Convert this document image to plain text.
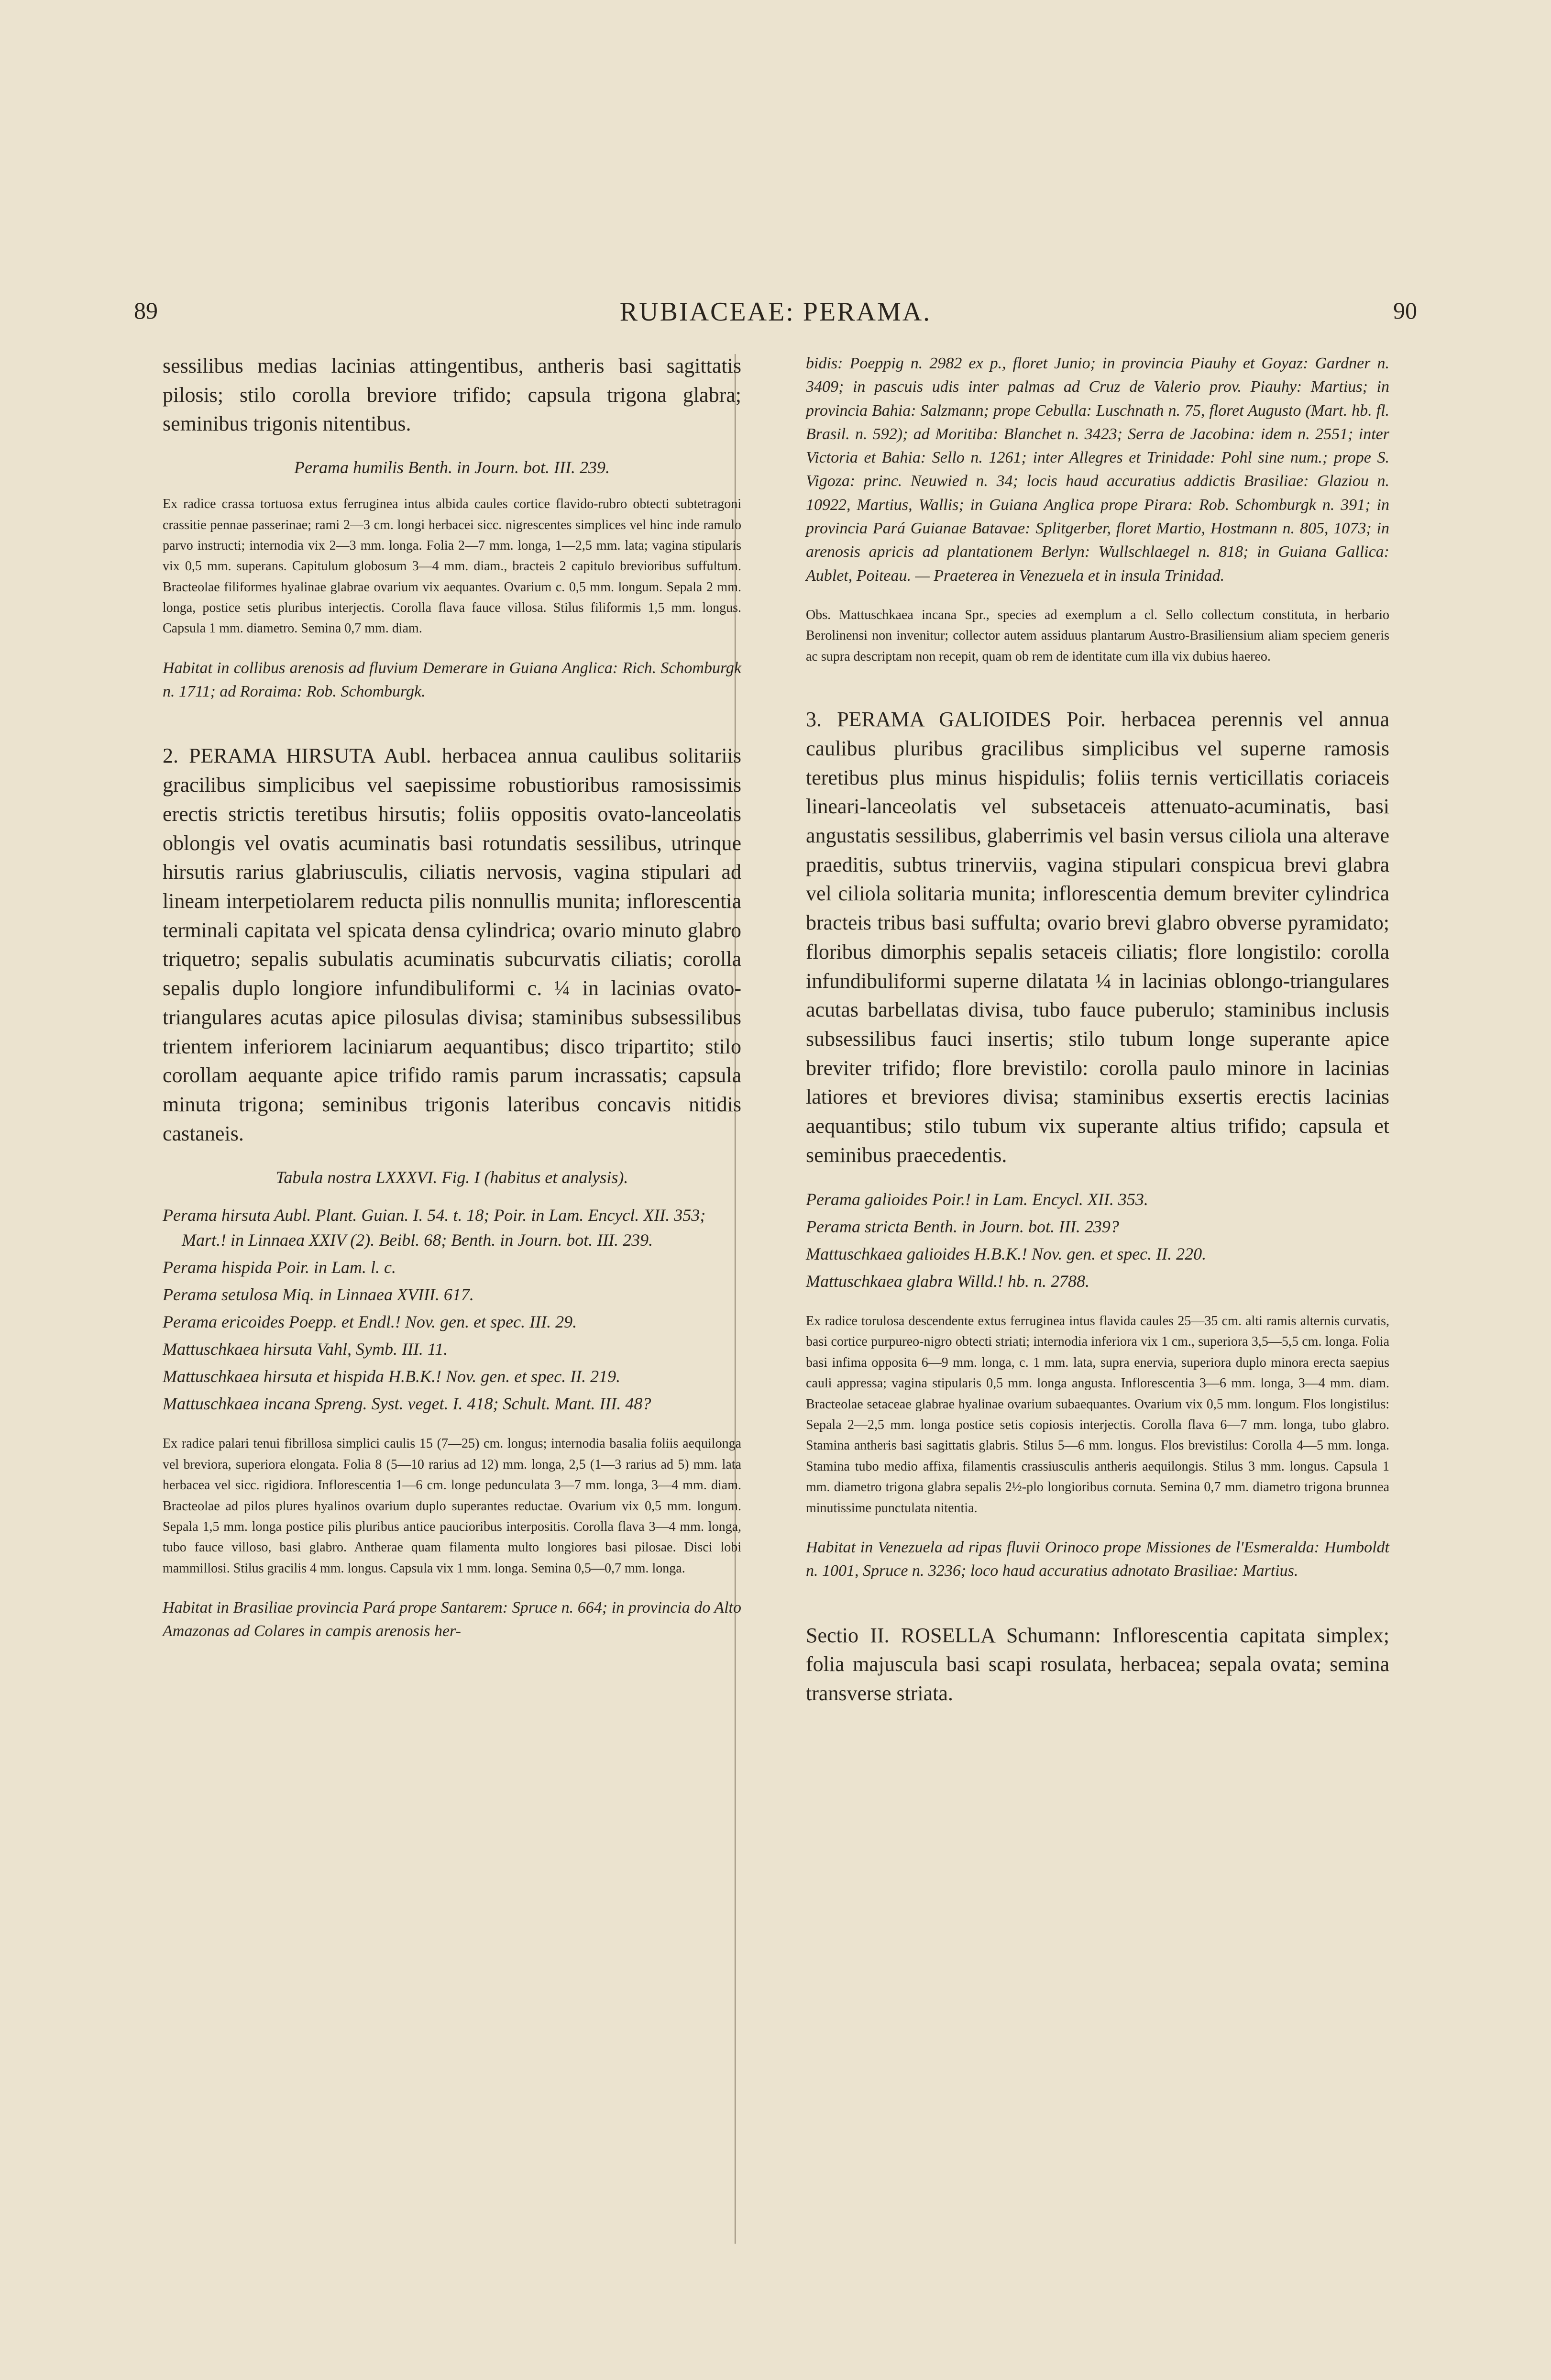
89	RUBIACEAE: PERAMA.	90

sessilibus medias lacinias attingentibus, antheris basi sagittatis pilosis; stilo corolla breviore trifido; capsula trigona glabra; seminibus trigonis nitentibus.

Perama humilis Benth. in Journ. bot. III. 239.

Ex radice crassa tortuosa extus ferruginea intus albida caules cortice flavido-rubro obtecti subtetragoni crassitie pennae passerinae; rami 2—3 cm. longi herbacei sicc. nigrescentes simplices vel hinc inde ramulo parvo instructi; internodia vix 2—3 mm. longa. Folia 2—7 mm. longa, 1—2,5 mm. lata; vagina stipularis vix 0,5 mm. superans. Capitulum globosum 3—4 mm. diam., bracteis 2 capitulo brevioribus suffultum. Bracteolae filiformes hyalinae glabrae ovarium vix aequantes. Ovarium c. 0,5 mm. longum. Sepala 2 mm. longa, postice setis pluribus interjectis. Corolla flava fauce villosa. Stilus filiformis 1,5 mm. longus. Capsula 1 mm. diametro. Semina 0,7 mm. diam.

Habitat in collibus arenosis ad fluvium Demerare in Guiana Anglica: Rich. Schomburgk n. 1711; ad Roraima: Rob. Schomburgk.

2. PERAMA HIRSUTA Aubl. herbacea annua caulibus solitariis gracilibus simplicibus vel saepissime robustioribus ramosissimis erectis strictis teretibus hirsutis; foliis oppositis ovato-lanceolatis oblongis vel ovatis acuminatis basi rotundatis sessilibus, utrinque hirsutis rarius glabriusculis, ciliatis nervosis, vagina stipulari ad lineam interpetiolarem reducta pilis nonnullis munita; inflorescentia terminali capitata vel spicata densa cylindrica; ovario minuto glabro triquetro; sepalis subulatis acuminatis subcurvatis ciliatis; corolla sepalis duplo longiore infundibuliformi c. ¼ in lacinias ovato-triangulares acutas apice pilosulas divisa; staminibus subsessilibus trientem inferiorem laciniarum aequantibus; disco tripartito; stilo corollam aequante apice trifido ramis parum incrassatis; capsula minuta trigona; seminibus trigonis lateribus concavis nitidis castaneis.

Tabula nostra LXXXVI. Fig. I (habitus et analysis).

Perama hirsuta Aubl. Plant. Guian. I. 54. t. 18; Poir. in Lam. Encycl. XII. 353; Mart.! in Linnaea XXIV (2). Beibl. 68; Benth. in Journ. bot. III. 239.

Perama hispida Poir. in Lam. l. c.

Perama setulosa Miq. in Linnaea XVIII. 617.

Perama ericoides Poepp. et Endl.! Nov. gen. et spec. III. 29.

Mattuschkaea hirsuta Vahl, Symb. III. 11.

Mattuschkaea hirsuta et hispida H.B.K.! Nov. gen. et spec. II. 219.

Mattuschkaea incana Spreng. Syst. veget. I. 418; Schult. Mant. III. 48?

Ex radice palari tenui fibrillosa simplici caulis 15 (7—25) cm. longus; internodia basalia foliis aequilonga vel breviora, superiora elongata. Folia 8 (5—10 rarius ad 12) mm. longa, 2,5 (1—3 rarius ad 5) mm. lata herbacea vel sicc. rigidiora. Inflorescentia 1—6 cm. longe pedunculata 3—7 mm. longa, 3—4 mm. diam. Bracteolae ad pilos plures hyalinos ovarium duplo superantes reductae. Ovarium vix 0,5 mm. longum. Sepala 1,5 mm. longa postice pilis pluribus antice paucioribus interpositis. Corolla flava 3—4 mm. longa, tubo fauce villoso, basi glabro. Antherae quam filamenta multo longiores basi pilosae. Disci lobi mammillosi. Stilus gracilis 4 mm. longus. Capsula vix 1 mm. longa. Semina 0,5—0,7 mm. longa.

Habitat in Brasiliae provincia Pará prope Santarem: Spruce n. 664; in provincia do Alto Amazonas ad Colares in campis arenosis her-

bidis: Poeppig n. 2982 ex p., floret Junio; in provincia Piauhy et Goyaz: Gardner n. 3409; in pascuis udis inter palmas ad Cruz de Valerio prov. Piauhy: Martius; in provincia Bahia: Salzmann; prope Cebulla: Luschnath n. 75, floret Augusto (Mart. hb. fl. Brasil. n. 592); ad Moritiba: Blanchet n. 3423; Serra de Jacobina: idem n. 2551; inter Victoria et Bahia: Sello n. 1261; inter Allegres et Trinidade: Pohl sine num.; prope S. Vigoza: princ. Neuwied n. 34; locis haud accuratius addictis Brasiliae: Glaziou n. 10922, Martius, Wallis; in Guiana Anglica prope Pirara: Rob. Schomburgk n. 391; in provincia Pará Guianae Batavae: Splitgerber, floret Martio, Hostmann n. 805, 1073; in arenosis apricis ad plantationem Berlyn: Wullschlaegel n. 818; in Guiana Gallica: Aublet, Poiteau. — Praeterea in Venezuela et in insula Trinidad.

Obs. Mattuschkaea incana Spr., species ad exemplum a cl. Sello collectum constituta, in herbario Berolinensi non invenitur; collector autem assiduus plantarum Austro-Brasiliensium aliam speciem generis ac supra descriptam non recepit, quam ob rem de identitate cum illa vix dubius haereo.

3. PERAMA GALIOIDES Poir. herbacea perennis vel annua caulibus pluribus gracilibus simplicibus vel superne ramosis teretibus plus minus hispidulis; foliis ternis verticillatis coriaceis lineari-lanceolatis vel subsetaceis attenuato-acuminatis, basi angustatis sessilibus, glaberrimis vel basin versus ciliola una alterave praeditis, subtus trinerviis, vagina stipulari conspicua brevi glabra vel ciliola solitaria munita; inflorescentia demum breviter cylindrica bracteis tribus basi suffulta; ovario brevi glabro obverse pyramidato; floribus dimorphis sepalis setaceis ciliatis; flore longistilo: corolla infundibuliformi superne dilatata ¼ in lacinias oblongo-triangulares acutas barbellatas divisa, tubo fauce puberulo; staminibus inclusis subsessilibus fauci insertis; stilo tubum longe superante apice breviter trifido; flore brevistilo: corolla paulo minore in lacinias latiores et breviores divisa; staminibus exsertis erectis lacinias aequantibus; stilo tubum vix superante altius trifido; capsula et seminibus praecedentis.

Perama galioides Poir.! in Lam. Encycl. XII. 353.

Perama stricta Benth. in Journ. bot. III. 239?

Mattuschkaea galioides H.B.K.! Nov. gen. et spec. II. 220.

Mattuschkaea glabra Willd.! hb. n. 2788.

Ex radice torulosa descendente extus ferruginea intus flavida caules 25—35 cm. alti ramis alternis curvatis, basi cortice purpureo-nigro obtecti striati; internodia inferiora vix 1 cm., superiora 3,5—5,5 cm. longa. Folia basi infima opposita 6—9 mm. longa, c. 1 mm. lata, supra enervia, superiora duplo minora erecta saepius cauli appressa; vagina stipularis 0,5 mm. longa angusta. Inflorescentia 3—6 mm. longa, 3—4 mm. diam. Bracteolae setaceae glabrae hyalinae ovarium subaequantes. Ovarium vix 0,5 mm. longum. Flos longistilus: Sepala 2—2,5 mm. longa postice setis copiosis interjectis. Corolla flava 6—7 mm. longa, tubo glabro. Stamina antheris basi sagittatis glabris. Stilus 5—6 mm. longus. Flos brevistilus: Corolla 4—5 mm. longa. Stamina tubo medio affixa, filamentis crassiusculis antheris aequilongis. Stilus 3 mm. longus. Capsula 1 mm. diametro trigona glabra sepalis 2½-plo longioribus cornuta. Semina 0,7 mm. diametro trigona brunnea minutissime punctulata nitentia.

Habitat in Venezuela ad ripas fluvii Orinoco prope Missiones de l'Esmeralda: Humboldt n. 1001, Spruce n. 3236; loco haud accuratius adnotato Brasiliae: Martius.

Sectio II. ROSELLA Schumann: Inflorescentia capitata simplex; folia majuscula basi scapi rosulata, herbacea; sepala ovata; semina transverse striata.
